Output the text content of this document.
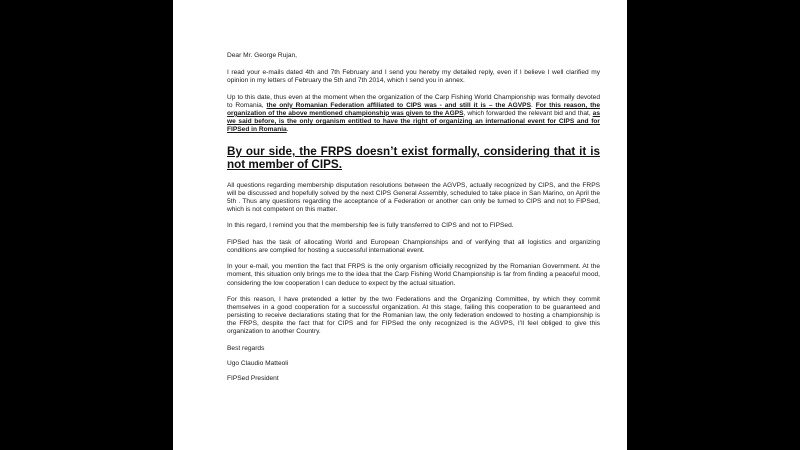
Dear Mr. George Rujan,

I read your e-mails dated 4th and 7th February and I send you hereby my detailed reply, even if I believe I well clarified my opinion in my letters of February the 5th and 7th 2014, which I send you in annex.

Up to this date, thus even at the moment when the organization of the Carp Fishing World Championship was formally devoted to Romania, the only Romanian Federation affiliated to CIPS was - and still it is – the AGVPS. For this reason, the organization of the above mentioned championship was given to the AGPS, which forwarded the relevant bid and that, as we said before, is the only organism entitled to have the right of organizing an international event for CIPS and for FIPSed in Romania.

By our side, the FRPS doesn’t exist formally, considering that it is not member of CIPS.

All questions regarding membership disputation resolutions between the AGVPS, actually recognized by CIPS, and the FRPS will be discussed and hopefully solved by the next CIPS General Assembly, scheduled to take place in San Marino, on April the 5th . Thus any questions regarding the acceptance of a Federation or another can only be turned to CIPS and not to FIPSed, which is not competent on this matter.

In this regard, I remind you that the membership fee is fully transferred to CIPS and not to FIPSed.

FIPSed has the task of allocating World and European Championships and of verifying that all logistics and organizing conditions are complied for hosting a successful international event.

In your e-mail, you mention the fact that FRPS is the only organism officially recognized by the Romanian Government. At the moment, this situation only brings me to the idea that the Carp Fishing World Championship is far from finding a peaceful mood, considering the low cooperation I can deduce to expect by the actual situation.

For this reason, I have pretended a letter by the two Federations and the Organizing Committee, by which they commit themselves in a good cooperation for a successful organization. At this stage, failing this cooperation to be guaranteed and persisting to receive declarations stating that for the Romanian law, the only federation endowed to hosting a championship is the FRPS, despite the fact that for CIPS and for FIPSed the only recognized is the AGVPS, I’ll feel obliged to give this organization to another Country.

Best regards

Ugo Claudio Matteoli

FIPSed President
